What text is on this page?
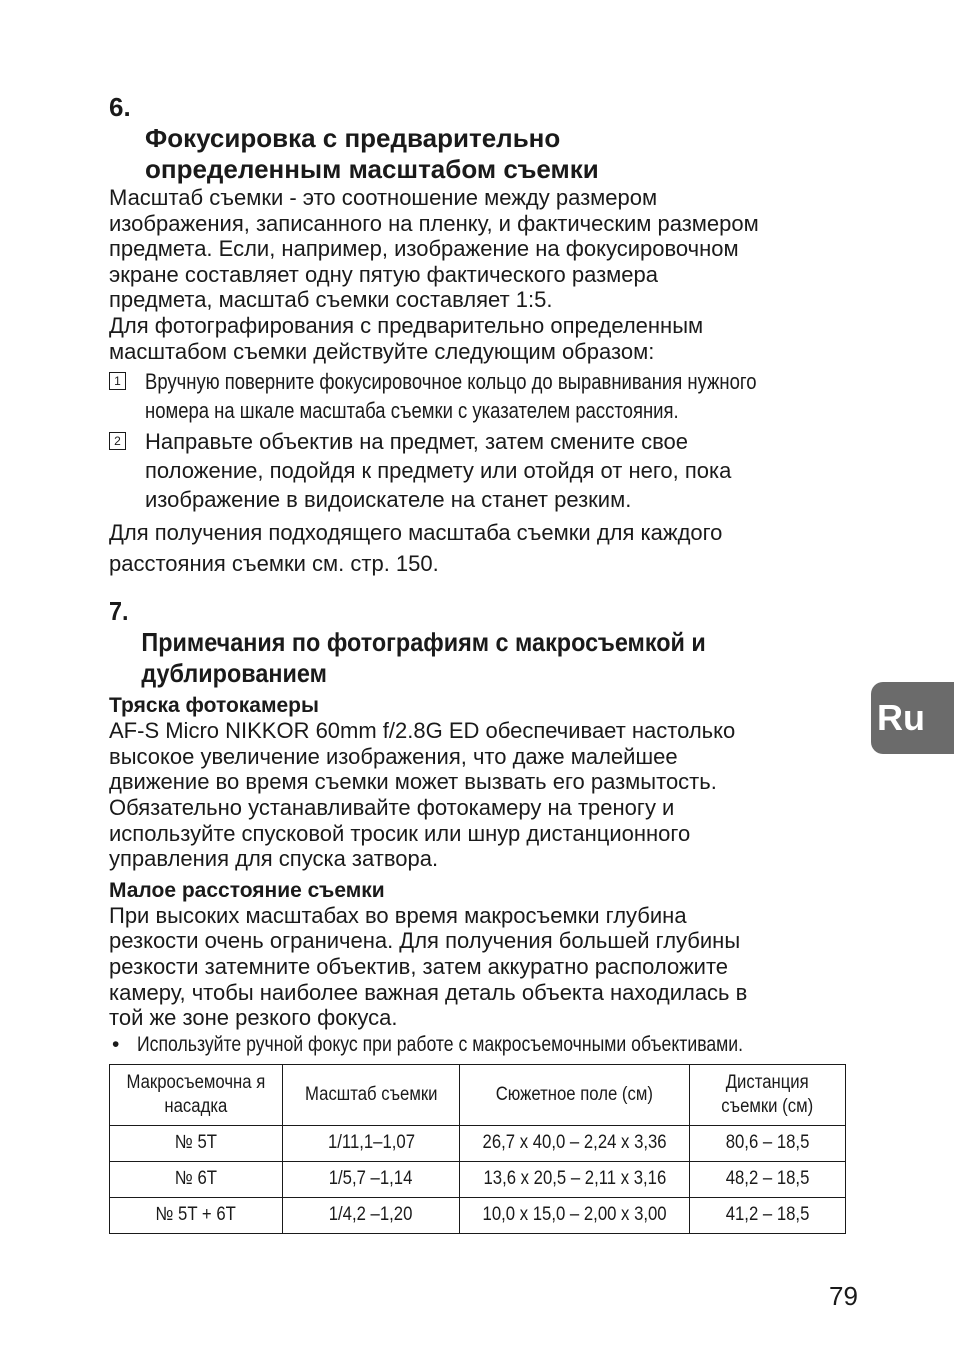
6.
Фокусировка с предварительно
определенным масштабом съемки

Масштаб съемки - это соотношение между размером
изображения, записанного на пленку, и фактическим размером
предмета. Если, например, изображение на фокусировочном
экране составляет одну пятую фактического размера
предмета, масштаб съемки составляет 1:5.

Для фотографирования с предварительно определенным
масштабом съемки действуйте следующим образом:

1 Вручную поверните фокусировочное кольцо до выравнивания нужного
номера на шкале масштаба съемки с указателем расстояния.
2 Направьте объектив на предмет, затем смените свое
положение, подойдя к предмету или отойдя от него, пока
изображение в видоискателе на станет резким.

Для получения подходящего масштаба съемки для каждого
расстояния съемки см. стр. 150.

7.
Примечания по фотографиям с макросъемкой и
дублированием

Тряска фотокамеры

AF-S Micro NIKKOR 60mm f/2.8G ED обеспечивает настолько
высокое увеличение изображения, что даже малейшее
движение во время съемки может вызвать его размытость.
Обязательно устанавливайте фотокамеру на треногу и
используйте спусковой тросик или шнур дистанционного
управления для спуска затвора.

Малое расстояние съемки

При высоких масштабах во время макросъемки глубина
резкости очень ограничена. Для получения большей глубины
резкости затемните объектив, затем аккуратно расположите
камеру, чтобы наиболее важная деталь объекта находилась в
той же зоне резкого фокуса.

• Используйте ручной фокус при работе с макросъемочными объективами.
Макросъемочна я
насадка	Масштаб съемки	Сюжетное поле (см)	Дистанция
съемки (см)
№ 5T	1/11,1–1,07	26,7 x 40,0 – 2,24 x 3,36	80,6 – 18,5
№ 6T	1/5,7 –1,14	13,6 x 20,5 – 2,11 x 3,16	48,2 – 18,5
№ 5T + 6T	1/4,2 –1,20	10,0 x 15,0 – 2,00 x 3,00	41,2 – 18,5
Ru
79
